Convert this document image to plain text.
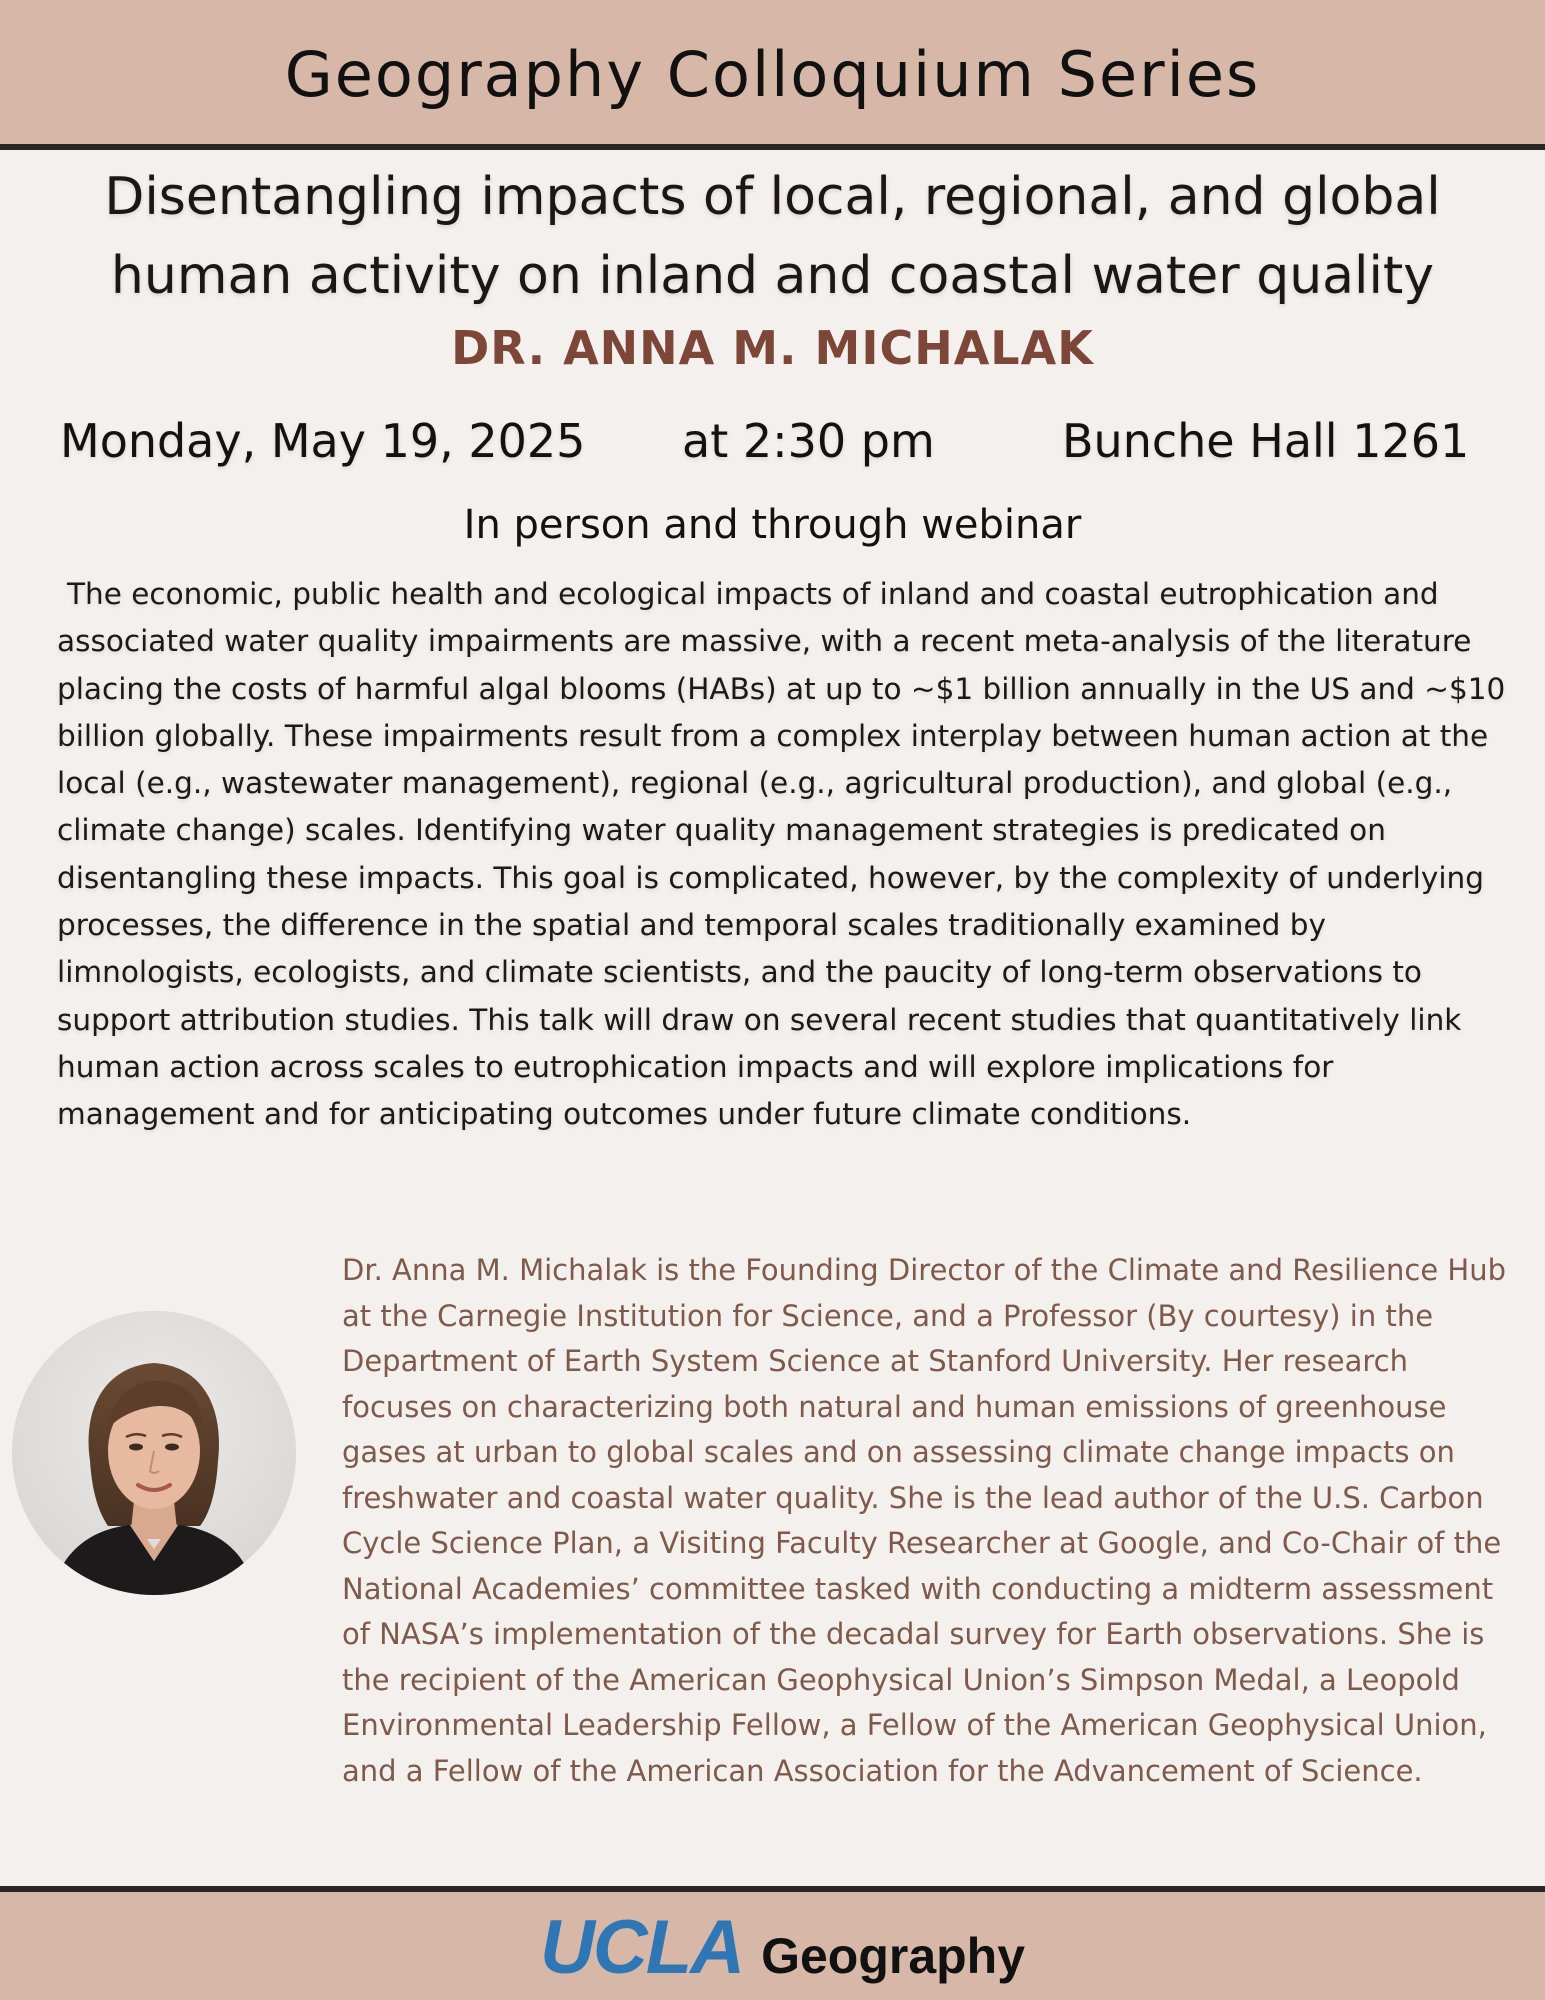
Geography Colloquium Series
Disentangling impacts of local, regional, and global
human activity on inland and coastal water quality
DR. ANNA M. MICHALAK
Monday, May 19, 2025 at 2:30 pm	Bunche Hall 1261
In person and through webinar
The economic, public health and ecological impacts of inland and coastal eutrophication and associated water quality impairments are massive, with a recent meta-analysis of the literature placing the costs of harmful algal blooms (HABs) at up to ~$1 billion annually in the US and ~$10 billion globally. These impairments result from a complex interplay between human action at the local (e.g., wastewater management), regional (e.g., agricultural production), and global (e.g., climate change) scales. Identifying water quality management strategies is predicated on disentangling these impacts. This goal is complicated, however, by the complexity of underlying processes, the difference in the spatial and temporal scales traditionally examined by limnologists, ecologists, and climate scientists, and the paucity of long-term observations to support attribution studies. This talk will draw on several recent studies that quantitatively link human action across scales to eutrophication impacts and will explore implications for management and for anticipating outcomes under future climate conditions.
Dr. Anna M. Michalak is the Founding Director of the Climate and Resilience Hub at the Carnegie Institution for Science, and a Professor (By courtesy) in the Department of Earth System Science at Stanford University. Her research focuses on characterizing both natural and human emissions of greenhouse gases at urban to global scales and on assessing climate change impacts on freshwater and coastal water quality. She is the lead author of the U.S. Carbon Cycle Science Plan, a Visiting Faculty Researcher at Google, and Co-Chair of the National Academies’ committee tasked with conducting a midterm assessment of NASA’s implementation of the decadal survey for Earth observations. She is the recipient of the American Geophysical Union’s Simpson Medal, a Leopold Environmental Leadership Fellow, a Fellow of the American Geophysical Union, and a Fellow of the American Association for the Advancement of Science.
UCLA Geography
